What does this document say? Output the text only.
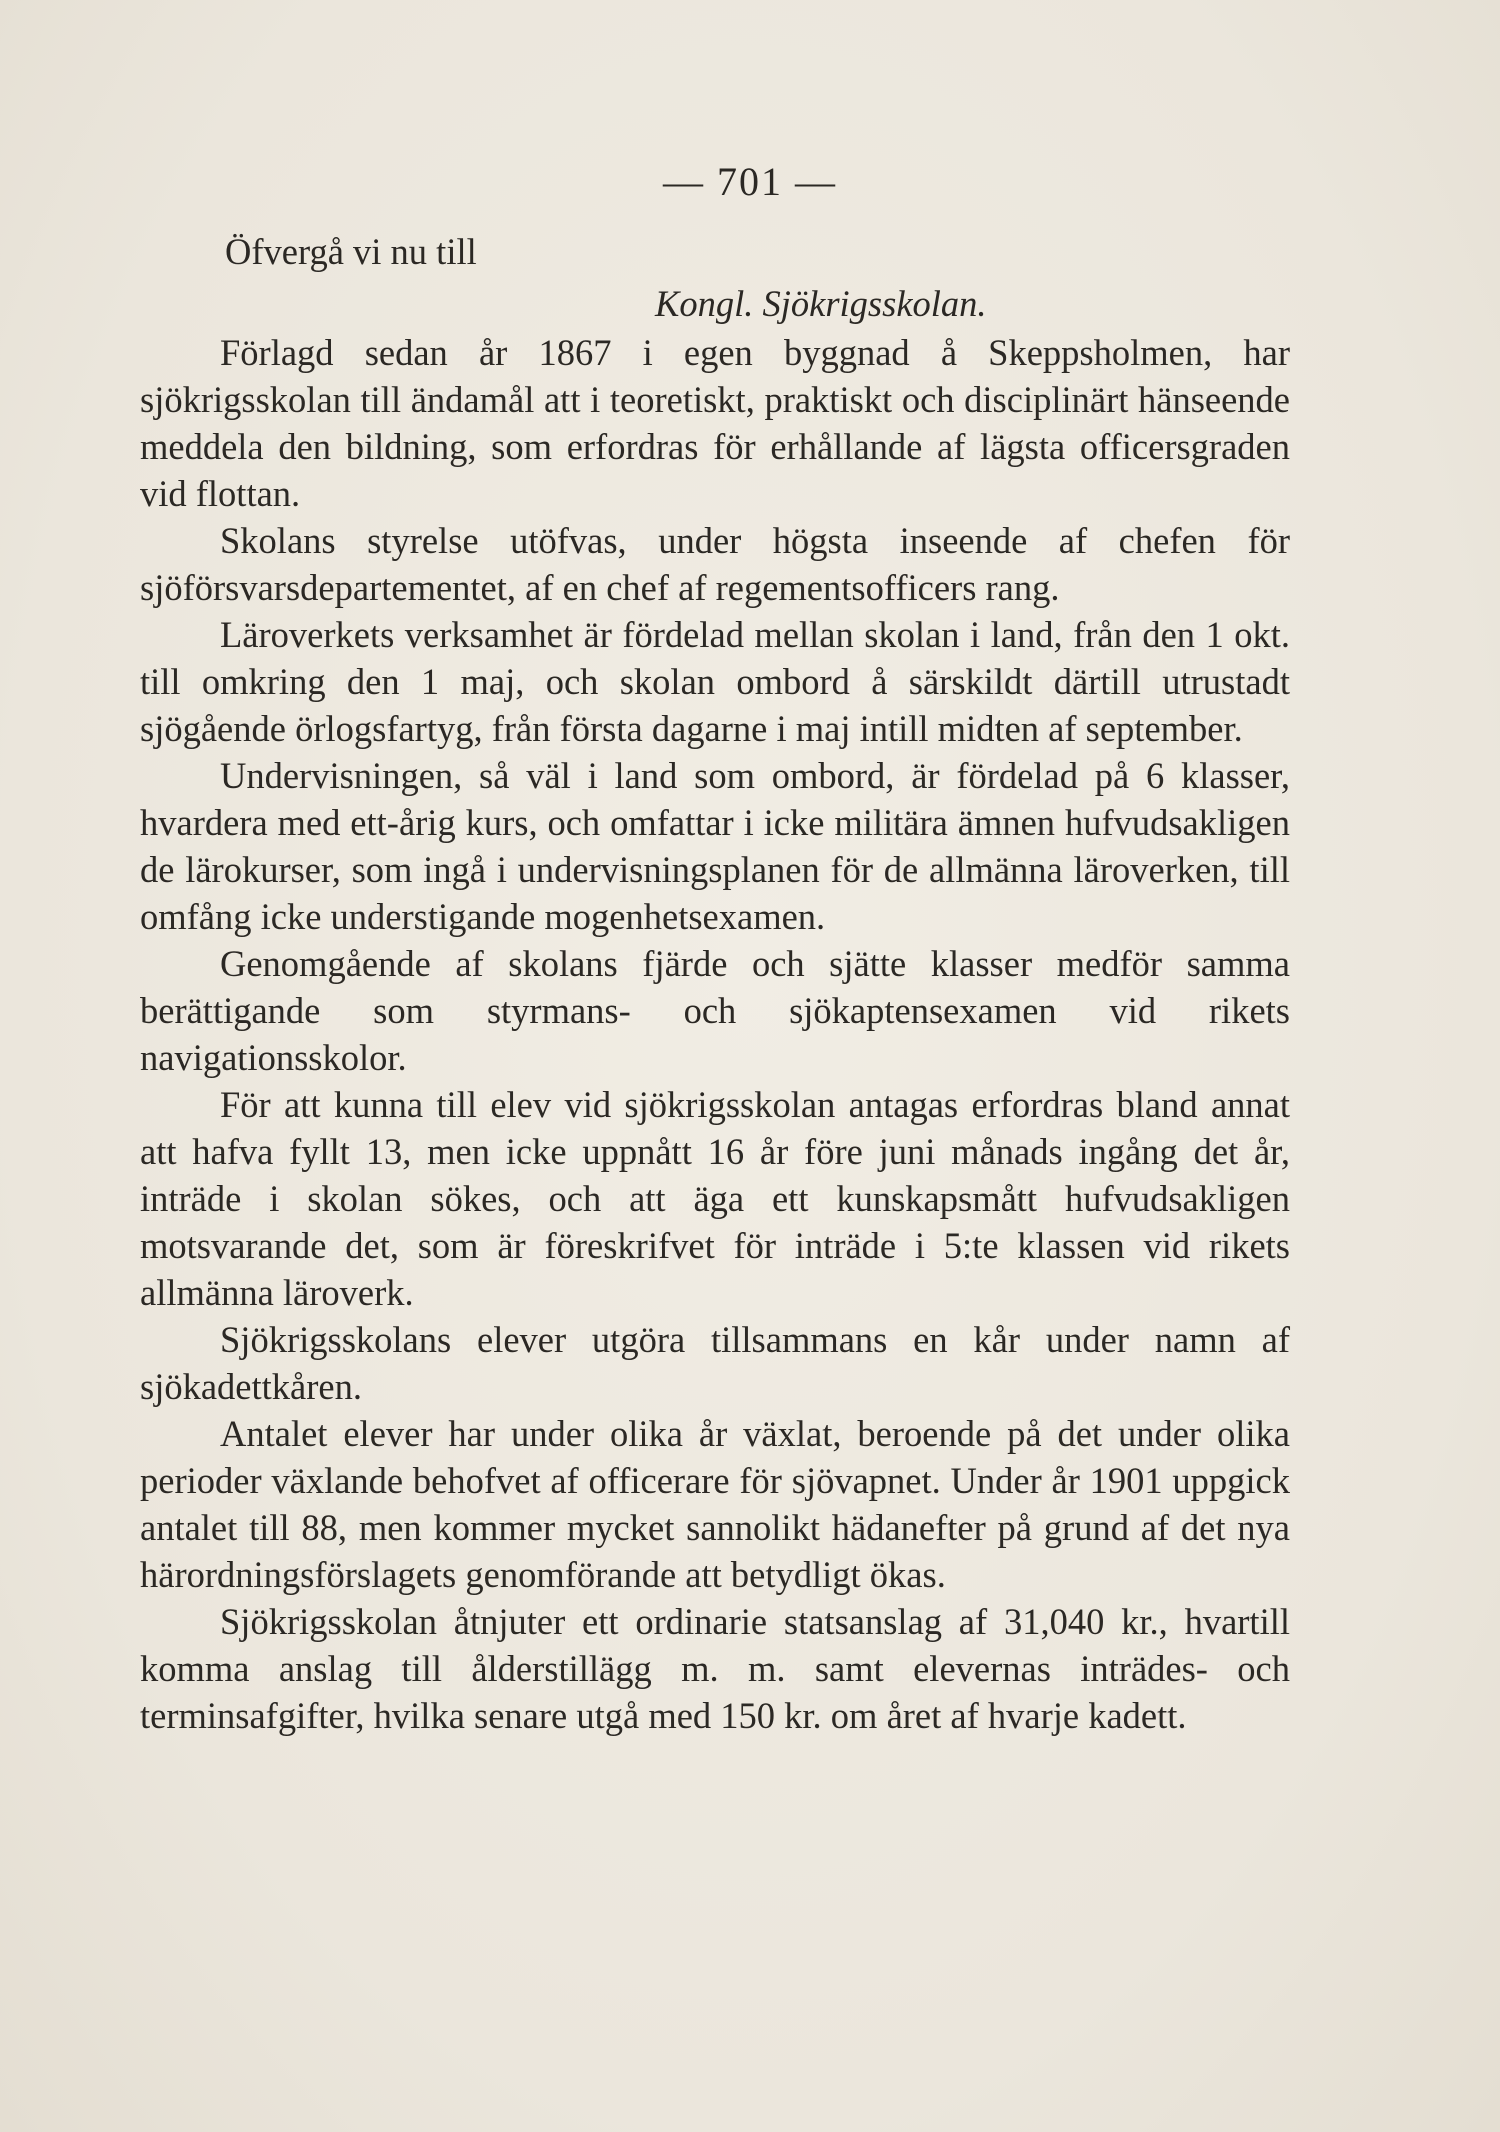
— 701 —

Öfvergå vi nu till

Kongl. Sjökrigsskolan.

Förlagd sedan år 1867 i egen byggnad å Skeppsholmen, har sjökrigsskolan till ändamål att i teoretiskt, praktiskt och disciplinärt hänseende meddela den bildning, som erfordras för erhållande af lägsta officersgraden vid flottan.

Skolans styrelse utöfvas, under högsta inseende af chefen för sjöförsvarsdepartementet, af en chef af regementsofficers rang.

Läroverkets verksamhet är fördelad mellan skolan i land, från den 1 okt. till omkring den 1 maj, och skolan ombord å särskildt därtill utrustadt sjögående örlogsfartyg, från första dagarne i maj intill midten af september.

Undervisningen, så väl i land som ombord, är fördelad på 6 klasser, hvardera med ett-årig kurs, och omfattar i icke militära ämnen hufvudsakligen de lärokurser, som ingå i undervisningsplanen för de allmänna läroverken, till omfång icke understigande mogenhetsexamen.

Genomgående af skolans fjärde och sjätte klasser medför samma berättigande som styrmans- och sjökaptensexamen vid rikets navigationsskolor.

För att kunna till elev vid sjökrigsskolan antagas erfordras bland annat att hafva fyllt 13, men icke uppnått 16 år före juni månads ingång det år, inträde i skolan sökes, och att äga ett kunskapsmått hufvudsakligen motsvarande det, som är föreskrifvet för inträde i 5:te klassen vid rikets allmänna läroverk.

Sjökrigsskolans elever utgöra tillsammans en kår under namn af sjökadettkåren.

Antalet elever har under olika år växlat, beroende på det under olika perioder växlande behofvet af officerare för sjövapnet. Under år 1901 uppgick antalet till 88, men kommer mycket sannolikt hädanefter på grund af det nya härordningsförslagets genomförande att betydligt ökas.

Sjökrigsskolan åtnjuter ett ordinarie statsanslag af 31,040 kr., hvartill komma anslag till ålderstillägg m. m. samt elevernas inträdes- och terminsafgifter, hvilka senare utgå med 150 kr. om året af hvarje kadett.
